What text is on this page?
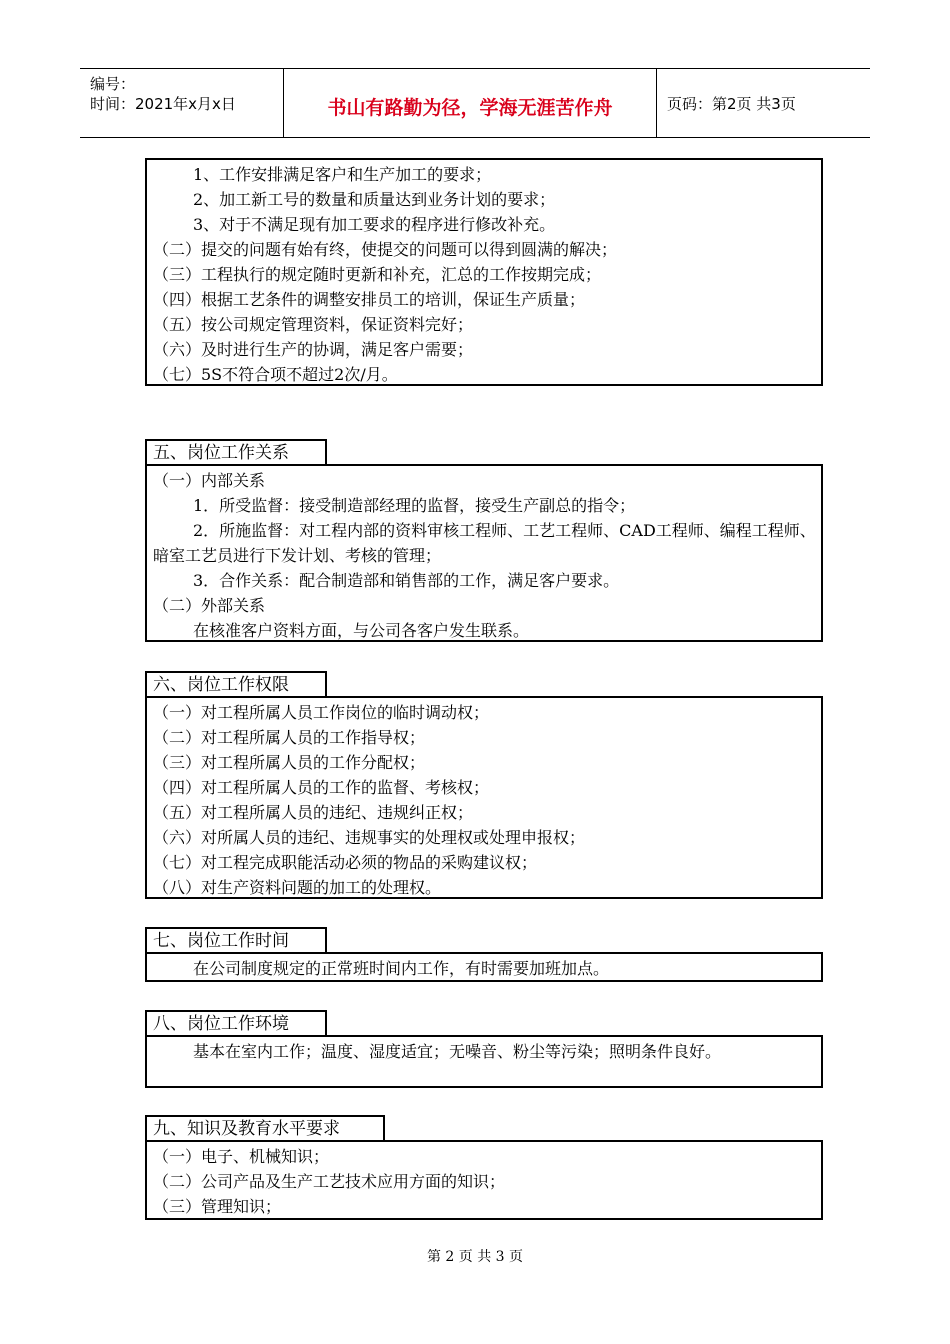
编号：
时间：2021年x月x日	书山有路勤为径，学海无涯苦作舟	页码：第2页 共3页
1、工作安排满足客户和生产加工的要求；
2、加工新工号的数量和质量达到业务计划的要求；
3、对于不满足现有加工要求的程序进行修改补充。
（二）提交的问题有始有终，使提交的问题可以得到圆满的解决；
（三）工程执行的规定随时更新和补充，汇总的工作按期完成；
（四）根据工艺条件的调整安排员工的培训，保证生产质量；
（五）按公司规定管理资料，保证资料完好；
（六）及时进行生产的协调，满足客户需要；
（七）5S不符合项不超过2次/月。
五、岗位工作关系
（一）内部关系
1．所受监督：接受制造部经理的监督，接受生产副总的指令；
2．所施监督：对工程内部的资料审核工程师、工艺工程师、CAD工程师、编程工程师、暗室工艺员进行下发计划、考核的管理；
3．合作关系：配合制造部和销售部的工作，满足客户要求。
（二）外部关系
在核准客户资料方面，与公司各客户发生联系。
六、岗位工作权限
（一）对工程所属人员工作岗位的临时调动权；
（二）对工程所属人员的工作指导权；
（三）对工程所属人员的工作分配权；
（四）对工程所属人员的工作的监督、考核权；
（五）对工程所属人员的违纪、违规纠正权；
（六）对所属人员的违纪、违规事实的处理权或处理申报权；
（七）对工程完成职能活动必须的物品的采购建议权；
（八）对生产资料问题的加工的处理权。
七、岗位工作时间
在公司制度规定的正常班时间内工作，有时需要加班加点。
八、岗位工作环境
基本在室内工作；温度、湿度适宜；无噪音、粉尘等污染；照明条件良好。
九、知识及教育水平要求
（一）电子、机械知识；
（二）公司产品及生产工艺技术应用方面的知识；
（三）管理知识；
第 2 页 共 3 页
